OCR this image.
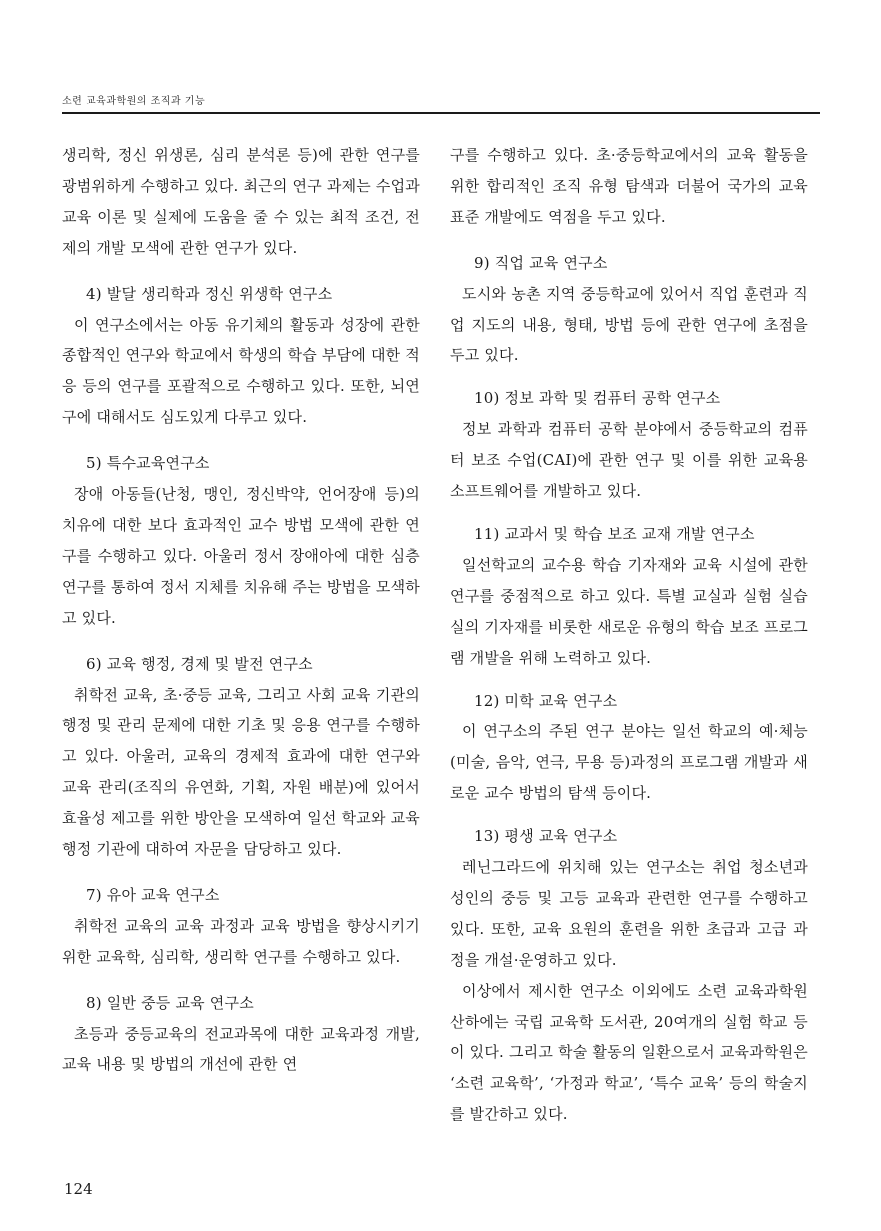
소련 교육과학원의 조직과 기능

생리학, 정신 위생론, 심리 분석론 등)에 관한 연구를 광범위하게 수행하고 있다. 최근의 연구 과제는 수업과 교육 이론 및 실제에 도움을 줄 수 있는 최적 조건, 전제의 개발 모색에 관한 연구가 있다.

4) 발달 생리학과 정신 위생학 연구소

이 연구소에서는 아동 유기체의 활동과 성장에 관한 종합적인 연구와 학교에서 학생의 학습 부담에 대한 적응 등의 연구를 포괄적으로 수행하고 있다. 또한, 뇌연구에 대해서도 심도있게 다루고 있다.

5) 특수교육연구소

장애 아동들(난청, 맹인, 정신박약, 언어장애 등)의 치유에 대한 보다 효과적인 교수 방법 모색에 관한 연구를 수행하고 있다. 아울러 정서 장애아에 대한 심층 연구를 통하여 정서 지체를 치유해 주는 방법을 모색하고 있다.

6) 교육 행정, 경제 및 발전 연구소

취학전 교육, 초·중등 교육, 그리고 사회 교육 기관의 행정 및 관리 문제에 대한 기초 및 응용 연구를 수행하고 있다. 아울러, 교육의 경제적 효과에 대한 연구와 교육 관리(조직의 유연화, 기획, 자원 배분)에 있어서 효율성 제고를 위한 방안을 모색하여 일선 학교와 교육 행정 기관에 대하여 자문을 담당하고 있다.

7) 유아 교육 연구소

취학전 교육의 교육 과정과 교육 방법을 향상시키기 위한 교육학, 심리학, 생리학 연구를 수행하고 있다.

8) 일반 중등 교육 연구소

초등과 중등교육의 전교과목에 대한 교육과정 개발, 교육 내용 및 방법의 개선에 관한 연

구를 수행하고 있다. 초·중등학교에서의 교육 활동을 위한 합리적인 조직 유형 탐색과 더불어 국가의 교육 표준 개발에도 역점을 두고 있다.

9) 직업 교육 연구소

도시와 농촌 지역 중등학교에 있어서 직업 훈련과 직업 지도의 내용, 형태, 방법 등에 관한 연구에 초점을 두고 있다.

10) 정보 과학 및 컴퓨터 공학 연구소

정보 과학과 컴퓨터 공학 분야에서 중등학교의 컴퓨터 보조 수업(CAI)에 관한 연구 및 이를 위한 교육용 소프트웨어를 개발하고 있다.

11) 교과서 및 학습 보조 교재 개발 연구소

일선학교의 교수용 학습 기자재와 교육 시설에 관한 연구를 중점적으로 하고 있다. 특별 교실과 실험 실습실의 기자재를 비롯한 새로운 유형의 학습 보조 프로그램 개발을 위해 노력하고 있다.

12) 미학 교육 연구소

이 연구소의 주된 연구 분야는 일선 학교의 예·체능(미술, 음악, 연극, 무용 등)과정의 프로그램 개발과 새로운 교수 방법의 탐색 등이다.

13) 평생 교육 연구소

레닌그라드에 위치해 있는 연구소는 취업 청소년과 성인의 중등 및 고등 교육과 관련한 연구를 수행하고 있다. 또한, 교육 요원의 훈련을 위한 초급과 고급 과정을 개설·운영하고 있다.

이상에서 제시한 연구소 이외에도 소련 교육과학원 산하에는 국립 교육학 도서관, 20여개의 실험 학교 등이 있다. 그리고 학술 활동의 일환으로서 교육과학원은 ‘소련 교육학’, ‘가정과 학교’, ‘특수 교육’ 등의 학술지를 발간하고 있다.

124
